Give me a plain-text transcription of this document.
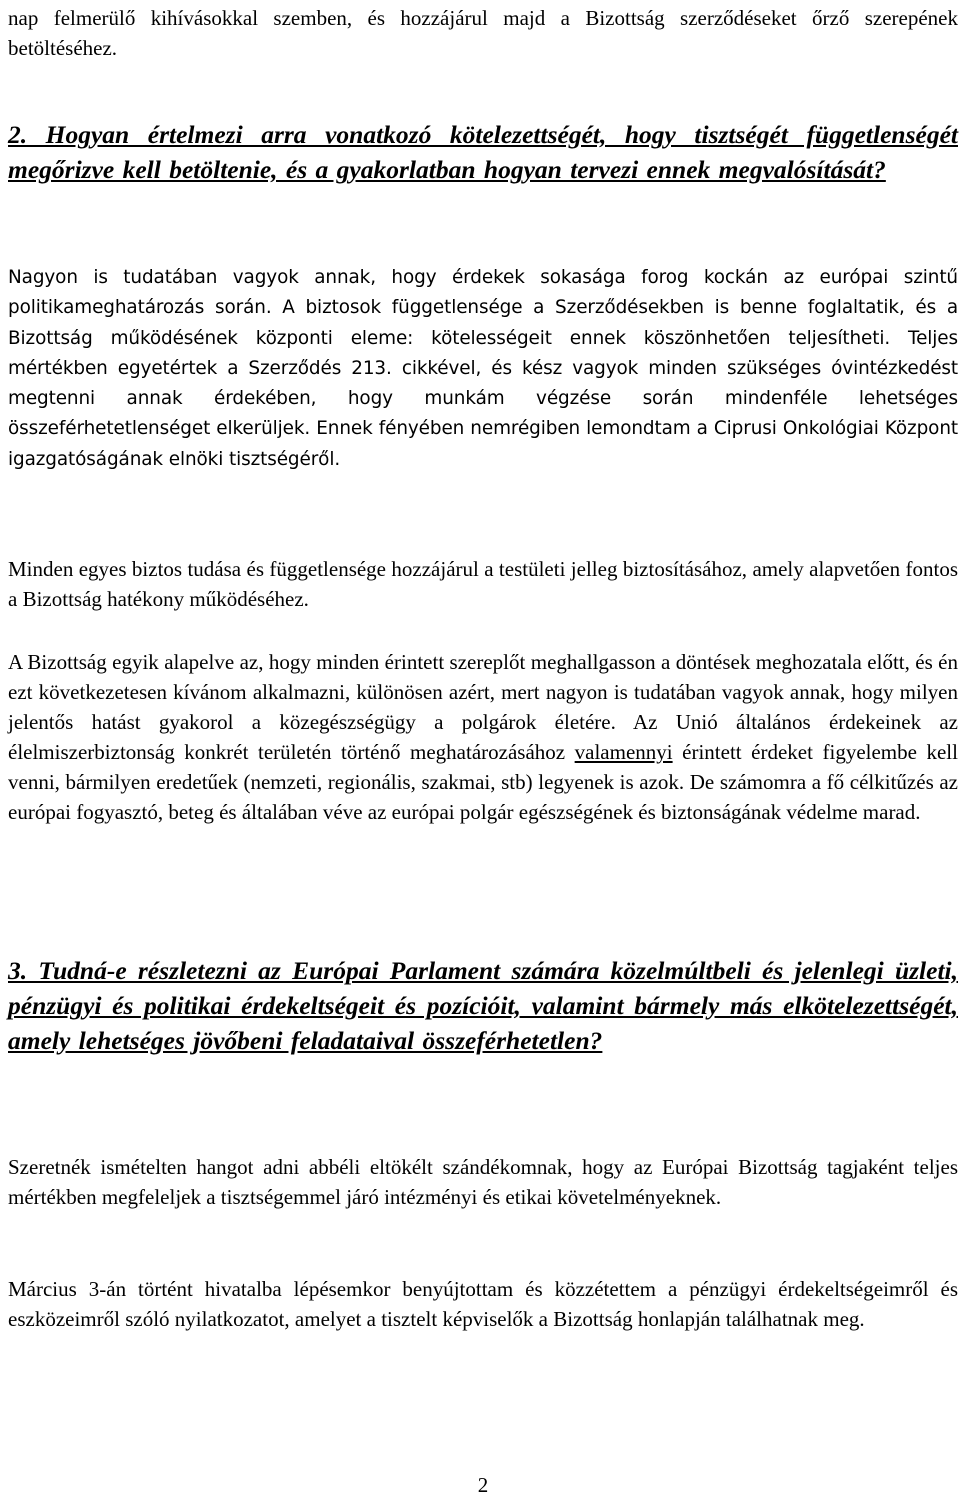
nap felmerülő kihívásokkal szemben, és hozzájárul majd a Bizottság szerződéseket őrző szerepének betöltéséhez.

2. Hogyan értelmezi arra vonatkozó kötelezettségét, hogy tisztségét függetlenségét megőrizve kell betöltenie, és a gyakorlatban hogyan tervezi ennek megvalósítását?

Nagyon is tudatában vagyok annak, hogy érdekek sokasága forog kockán az európai szintű politikameghatározás során. A biztosok függetlensége a Szerződésekben is benne foglaltatik, és a Bizottság működésének központi eleme: kötelességeit ennek köszönhetően teljesítheti. Teljes mértékben egyetértek a Szerződés 213. cikkével, és kész vagyok minden szükséges óvintézkedést megtenni annak érdekében, hogy munkám végzése során mindenféle lehetséges összeférhetetlenséget elkerüljek. Ennek fényében nemrégiben lemondtam a Ciprusi Onkológiai Központ igazgatóságának elnöki tisztségéről.

Minden egyes biztos tudása és függetlensége hozzájárul a testületi jelleg biztosításához, amely alapvetően fontos a Bizottság hatékony működéséhez.

A Bizottság egyik alapelve az, hogy minden érintett szereplőt meghallgasson a döntések meghozatala előtt, és én ezt következetesen kívánom alkalmazni, különösen azért, mert nagyon is tudatában vagyok annak, hogy milyen jelentős hatást gyakorol a közegészségügy a polgárok életére. Az Unió általános érdekeinek az élelmiszerbiztonság konkrét területén történő meghatározásához valamennyi érintett érdeket figyelembe kell venni, bármilyen eredetűek (nemzeti, regionális, szakmai, stb) legyenek is azok. De számomra a fő célkitűzés az európai fogyasztó, beteg és általában véve az európai polgár egészségének és biztonságának védelme marad.

3. Tudná-e részletezni az Európai Parlament számára közelmúltbeli és jelenlegi üzleti, pénzügyi és politikai érdekeltségeit és pozícióit, valamint bármely más elkötelezettségét, amely lehetséges jövőbeni feladataival összeférhetetlen?

Szeretnék ismételten hangot adni abbéli eltökélt szándékomnak, hogy az Európai Bizottság tagjaként teljes mértékben megfeleljek a tisztségemmel járó intézményi és etikai követelményeknek.

Március 3-án történt hivatalba lépésemkor benyújtottam és közzétettem a pénzügyi érdekeltségeimről és eszközeimről szóló nyilatkozatot, amelyet a tisztelt képviselők a Bizottság honlapján találhatnak meg.

2
